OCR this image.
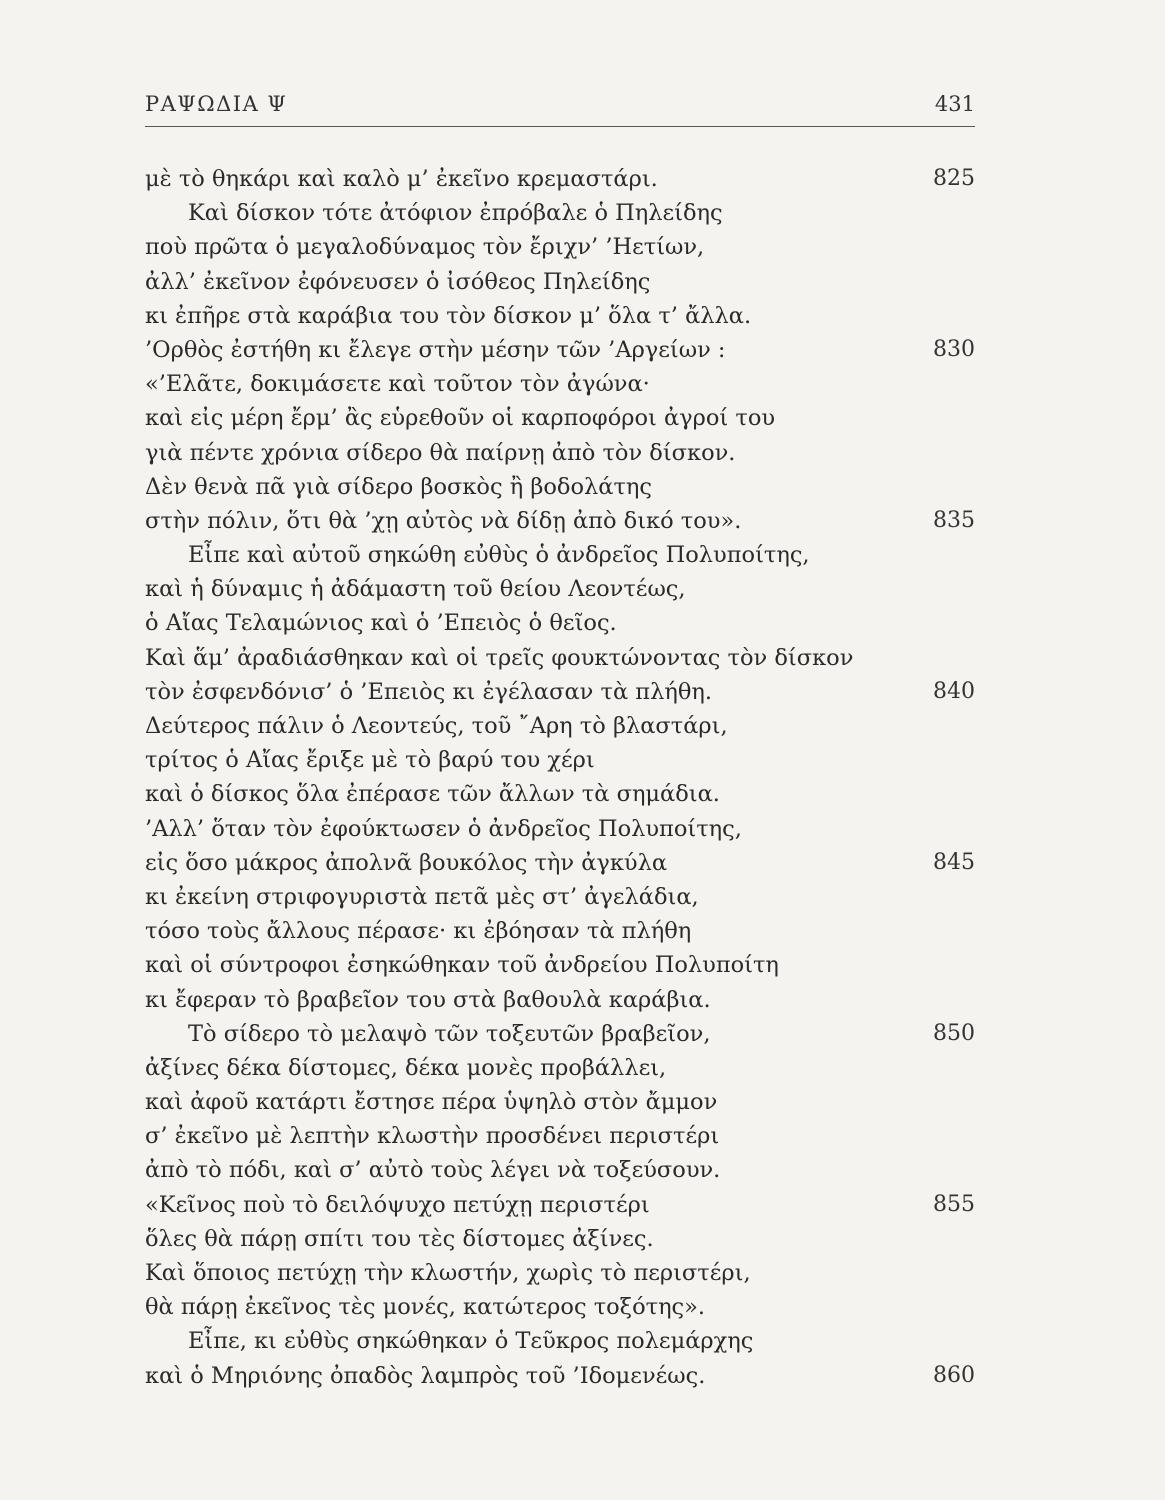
ΡΑΨΩΔΙΑ Ψ	431
μὲ τὸ θηκάρι καὶ καλὸ μ’ ἐκεῖνο κρεμαστάρι.	825
Καὶ δίσκον τότε ἀτόφιον ἐπρόβαλε ὁ Πηλείδης
ποὺ πρῶτα ὁ μεγαλοδύναμος τὸν ἔριχν’ ’Ηετίων,
ἀλλ’ ἐκεῖνον ἐφόνευσεν ὁ ἰσόθεος Πηλείδης
κι ἐπῆρε στὰ καράβια του τὸν δίσκον μ’ ὅλα τ’ ἄλλα.
’Ορθὸς ἐστήθη κι ἔλεγε στὴν μέσην τῶν ’Αργείων :	830
«’Ελᾶτε, δοκιμάσετε καὶ τοῦτον τὸν ἀγώνα·
καὶ εἰς μέρη ἔρμ’ ἂς εὑρεθοῦν οἱ καρποφόροι ἀγροί του
γιὰ πέντε χρόνια σίδερο θὰ παίρνῃ ἀπὸ τὸν δίσκον.
Δὲν θενὰ πᾶ γιὰ σίδερο βοσκὸς ἢ βοδολάτης
στὴν πόλιν, ὅτι θὰ ’χῃ αὐτὸς νὰ δίδῃ ἀπὸ δικό του».	835
Εἶπε καὶ αὐτοῦ σηκώθη εὐθὺς ὁ ἀνδρεῖος Πολυποίτης,
καὶ ἡ δύναμις ἡ ἀδάμαστη τοῦ θείου Λεοντέως,
ὁ Αἴας Τελαμώνιος καὶ ὁ ’Επειὸς ὁ θεῖος.
Καὶ ἅμ’ ἀραδιάσθηκαν καὶ οἱ τρεῖς φουκτώνοντας τὸν δίσκον
τὸν ἐσφενδόνισ’ ὁ ’Επειὸς κι ἐγέλασαν τὰ πλήθη.	840
Δεύτερος πάλιν ὁ Λεοντεύς, τοῦ ῎Αρη τὸ βλαστάρι,
τρίτος ὁ Αἴας ἔριξε μὲ τὸ βαρύ του χέρι
καὶ ὁ δίσκος ὅλα ἐπέρασε τῶν ἄλλων τὰ σημάδια.
’Αλλ’ ὅταν τὸν ἐφούκτωσεν ὁ ἀνδρεῖος Πολυποίτης,
εἰς ὅσο μάκρος ἀπολνᾶ βουκόλος τὴν ἀγκύλα	845
κι ἐκείνη στριφογυριστὰ πετᾶ μὲς στ’ ἀγελάδια,
τόσο τοὺς ἄλλους πέρασε· κι ἐβόησαν τὰ πλήθη
καὶ οἱ σύντροφοι ἐσηκώθηκαν τοῦ ἀνδρείου Πολυποίτη
κι ἔφεραν τὸ βραβεῖον του στὰ βαθουλὰ καράβια.
Τὸ σίδερο τὸ μελαψὸ τῶν τοξευτῶν βραβεῖον,	850
ἀξίνες δέκα δίστομες, δέκα μονὲς προβάλλει,
καὶ ἀφοῦ κατάρτι ἔστησε πέρα ὑψηλὸ στὸν ἄμμον
σ’ ἐκεῖνο μὲ λεπτὴν κλωστὴν προσδένει περιστέρι
ἀπὸ τὸ πόδι, καὶ σ’ αὐτὸ τοὺς λέγει νὰ τοξεύσουν.
«Κεῖνος ποὺ τὸ δειλόψυχο πετύχῃ περιστέρι	855
ὅλες θὰ πάρῃ σπίτι του τὲς δίστομες ἀξίνες.
Καὶ ὅποιος πετύχῃ τὴν κλωστήν, χωρὶς τὸ περιστέρι,
θὰ πάρῃ ἐκεῖνος τὲς μονές, κατώτερος τοξότης».
Εἶπε, κι εὐθὺς σηκώθηκαν ὁ Τεῦκρος πολεμάρχης
καὶ ὁ Μηριόνης ὀπαδὸς λαμπρὸς τοῦ ’Ιδομενέως.	860
